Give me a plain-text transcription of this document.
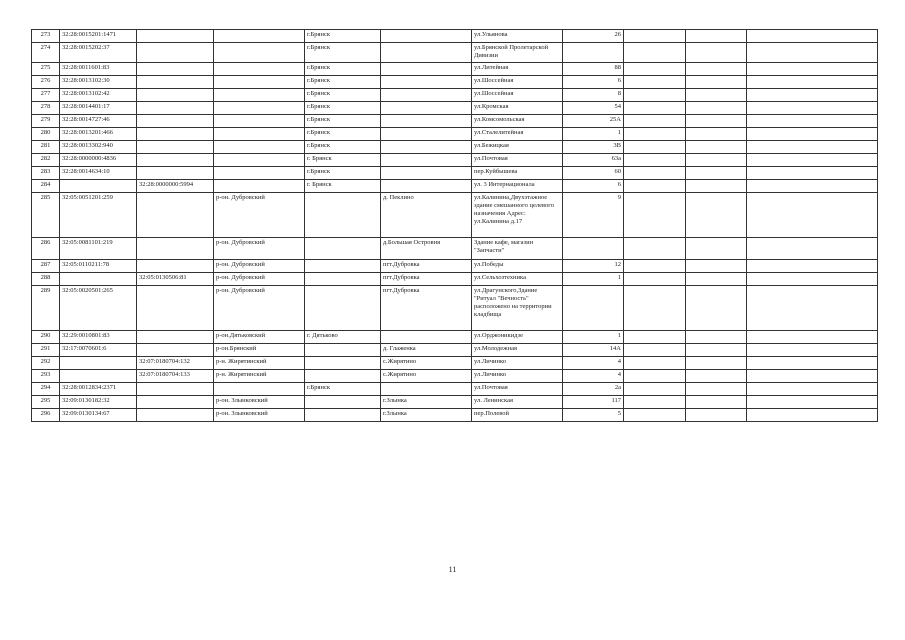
273	32:28:0015201:1471			г.Брянск		ул.Ульянова	26			
274	32:28:0015202:37			г.Брянск		ул.Брянской Пролетарской Дивизии				
275	32:28:0011601:83			г.Брянск		ул.Литейная	88			
276	32:28:0013102:30			г.Брянск		ул.Шоссейная	6			
277	32:28:0013102:42			г.Брянск		ул.Шоссейная	8			
278	32:28:0014401:17			г.Брянск		ул.Кромская	54			
279	32:28:0014727:46			г.Брянск		ул.Комсомольская	25А			
280	32:28:0013201:466			г.Брянск		ул.Сталелитейная	1			
281	32:28:0013302:940			г.Брянск		ул.Бежицкая	3В			
282	32:28:0000000:4836			г. Брянск		ул.Почтовая	63а			
283	32:28:0014634:10			г.Брянск		пер.Куйбышева	60			
284		32:28:0000000:5994		г. Брянск		ул. 3 Интернационала	6			
285	32:05:0051201:259		р-он. Дубровский		д. Пеклино	ул.Калинина,Двухэтажное здание смешанного целевого назначения Адрес: ул.Калинина д.17	9			
286	32:05:0081101:219		р-он. Дубровский		д.Большая Островня	Здание кафе, магазин "Запчасти"				
287	32:05:0110211:78		р-он. Дубровский		пгт.Дубровка	ул.Победы	12			
288		32:05:0130506:81	р-он. Дубровский		пгт.Дубровка	ул.Сельхозтехника	1			
289	32:05:0020501:265		р-он. Дубровский		пгт.Дубровка	ул.Драгунского,Здание "Ритуал "Вечность" расположено на территории кладбища				
290	32:29:0010801:83		р-он.Дятьковский	г. Дятьково		ул.Орджоникидзе	1			
291	32:17:0070601:6		р-он.Брянский		д. Глаженка	ул.Молодежная	14А			
292		32:07:0180704:132	р-н. Жирятинский		с.Жирятино	ул.Личинко	4			
293		32:07:0180704:133	р-н. Жирятинский		с.Жирятино	ул.Личинко	4			
294	32:28:0012834:2371			г.Брянск		ул.Почтовая	2а			
295	32:09:0130182:32		р-он. Злынковский		г.Злынка	ул. Ленинская	117			
296	32:09:0130134:67		р-он. Злынковский		г.Злынка	пер.Полевой	5			
11
